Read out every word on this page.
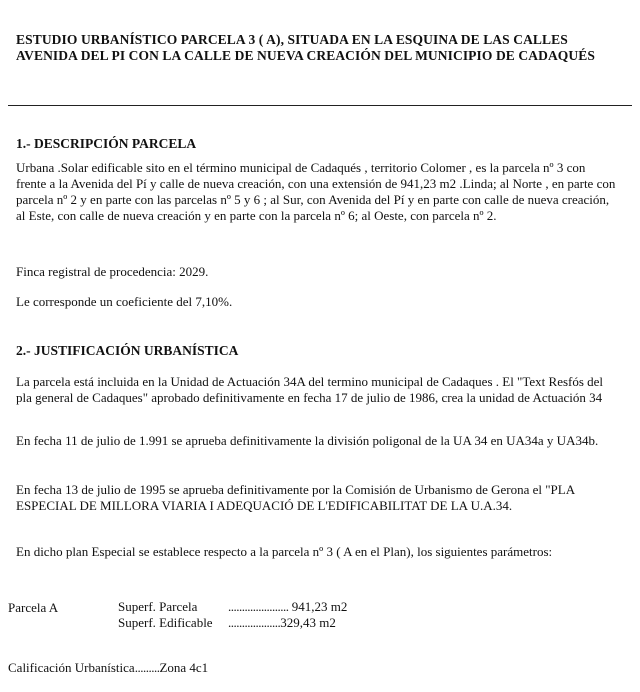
ESTUDIO URBANÍSTICO PARCELA 3 ( A), SITUADA EN LA ESQUINA DE LAS CALLES AVENIDA DEL PI CON LA CALLE DE NUEVA CREACIÓN DEL MUNICIPIO DE CADAQUÉS
1.- DESCRIPCIÓN PARCELA
Urbana .Solar edificable sito en el término municipal de Cadaqués , territorio Colomer , es la parcela nº 3 con frente a la Avenida del Pí y calle de nueva creación, con una extensión de 941,23 m2 .Linda; al Norte , en parte con parcela nº 2 y en parte con las parcelas nº 5 y 6 ; al Sur, con Avenida del Pí y en parte con calle de nueva creación, al Este, con calle de nueva creación y en parte con la parcela nº 6; al Oeste, con parcela nº 2.
Finca registral de procedencia: 2029.
Le corresponde un coeficiente del 7,10%.
2.- JUSTIFICACIÓN URBANÍSTICA
La parcela está incluida en la Unidad de Actuación 34A del termino municipal de Cadaques . El "Text Resfós del pla general de Cadaques" aprobado definitivamente en fecha 17 de julio de 1986, crea la unidad de Actuación 34
En fecha 11 de julio de 1.991 se aprueba definitivamente la división poligonal de la UA 34 en UA34a y UA34b.
En fecha 13 de julio de 1995 se aprueba definitivamente por la Comisión de Urbanismo de Gerona el "PLA ESPECIAL DE MILLORA VIARIA I ADEQUACIÓ DE L'EDIFICABILITAT DE LA U.A.34.
En dicho plan Especial se establece respecto a la parcela nº 3 ( A en el Plan), los siguientes parámetros:
Parcela A	Superf. Parcela ...................... 941,23 m2
Superf. Edificable ...................329,43 m2
Calificación Urbanística.........Zona 4c1
